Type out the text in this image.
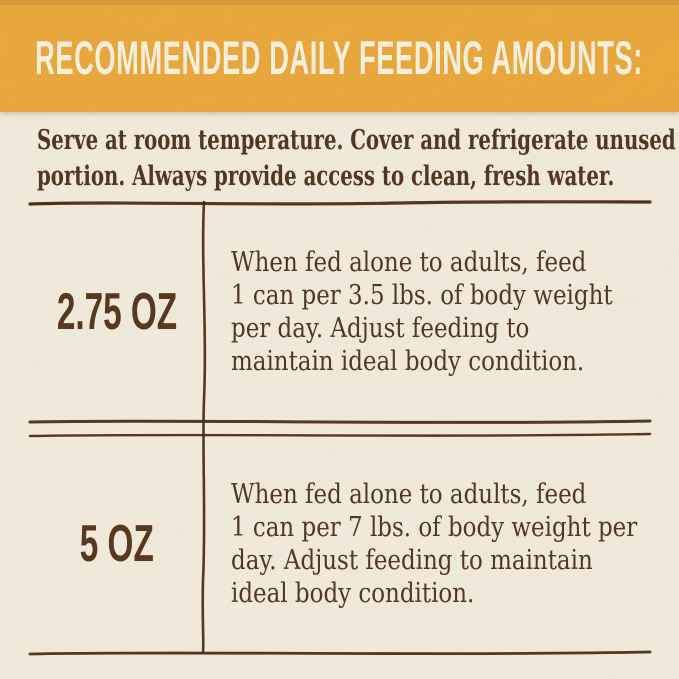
RECOMMENDED DAILY FEEDING AMOUNTS:
Serve at room temperature. Cover and refrigerate unused
portion. Always provide access to clean, fresh water.
2.75 OZ
When fed alone to adults, feed
1 can per 3.5 lbs. of body weight
per day. Adjust feeding to
maintain ideal body condition.
5 OZ
When fed alone to adults, feed
1 can per 7 lbs. of body weight per
day. Adjust feeding to maintain
ideal body condition.
